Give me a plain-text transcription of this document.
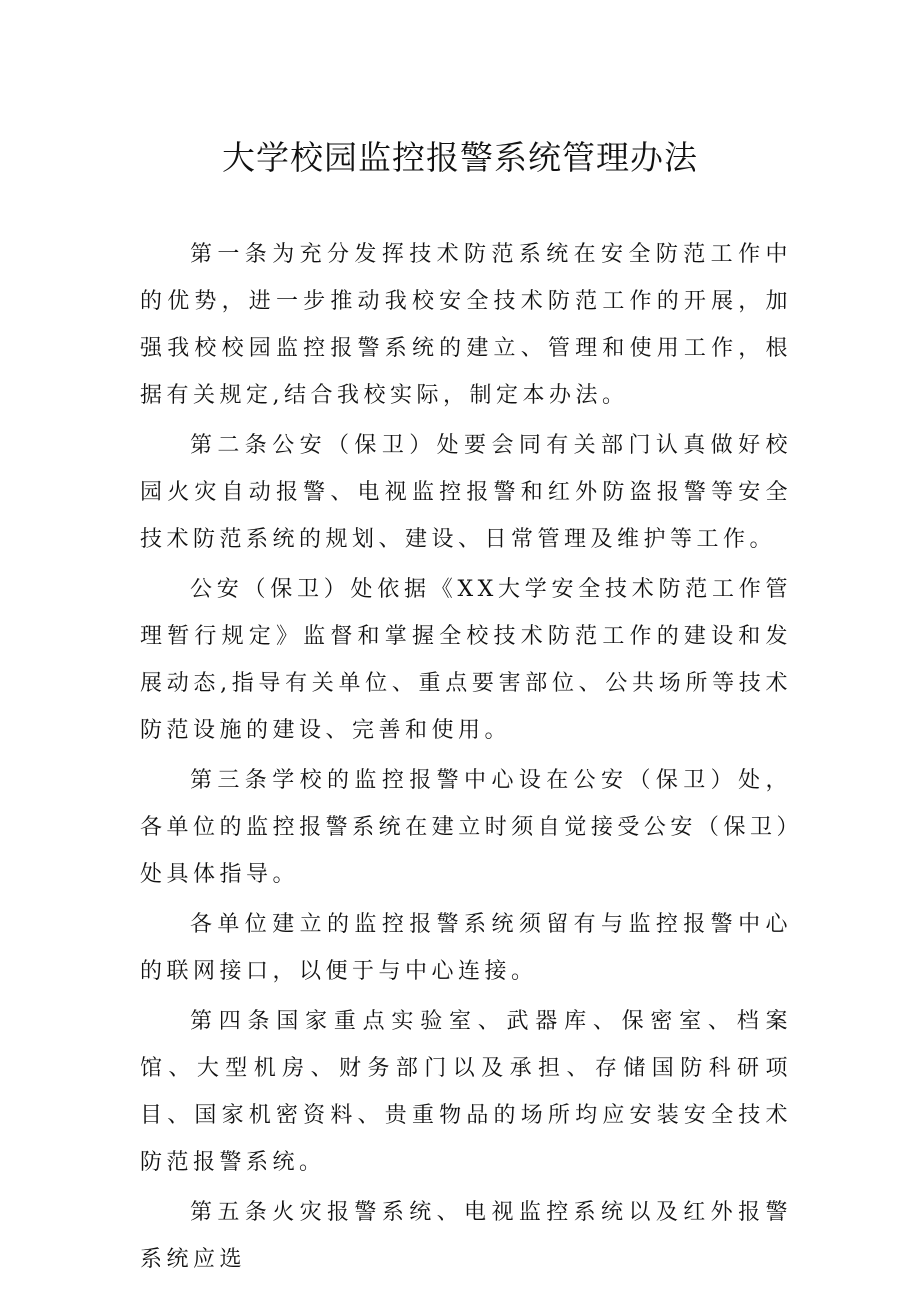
大学校园监控报警系统管理办法

第一条为充分发挥技术防范系统在安全防范工作中的优势，进一步推动我校安全技术防范工作的开展，加强我校校园监控报警系统的建立、管理和使用工作，根据有关规定,结合我校实际，制定本办法。

第二条公安（保卫）处要会同有关部门认真做好校园火灾自动报警、电视监控报警和红外防盗报警等安全技术防范系统的规划、建设、日常管理及维护等工作。

公安（保卫）处依据《XX大学安全技术防范工作管理暂行规定》监督和掌握全校技术防范工作的建设和发展动态,指导有关单位、重点要害部位、公共场所等技术防范设施的建设、完善和使用。

第三条学校的监控报警中心设在公安（保卫）处，各单位的监控报警系统在建立时须自觉接受公安（保卫）处具体指导。

各单位建立的监控报警系统须留有与监控报警中心的联网接口，以便于与中心连接。

第四条国家重点实验室、武器库、保密室、档案馆、大型机房、财务部门以及承担、存储国防科研项目、国家机密资料、贵重物品的场所均应安装安全技术防范报警系统。

第五条火灾报警系统、电视监控系统以及红外报警系统应选
